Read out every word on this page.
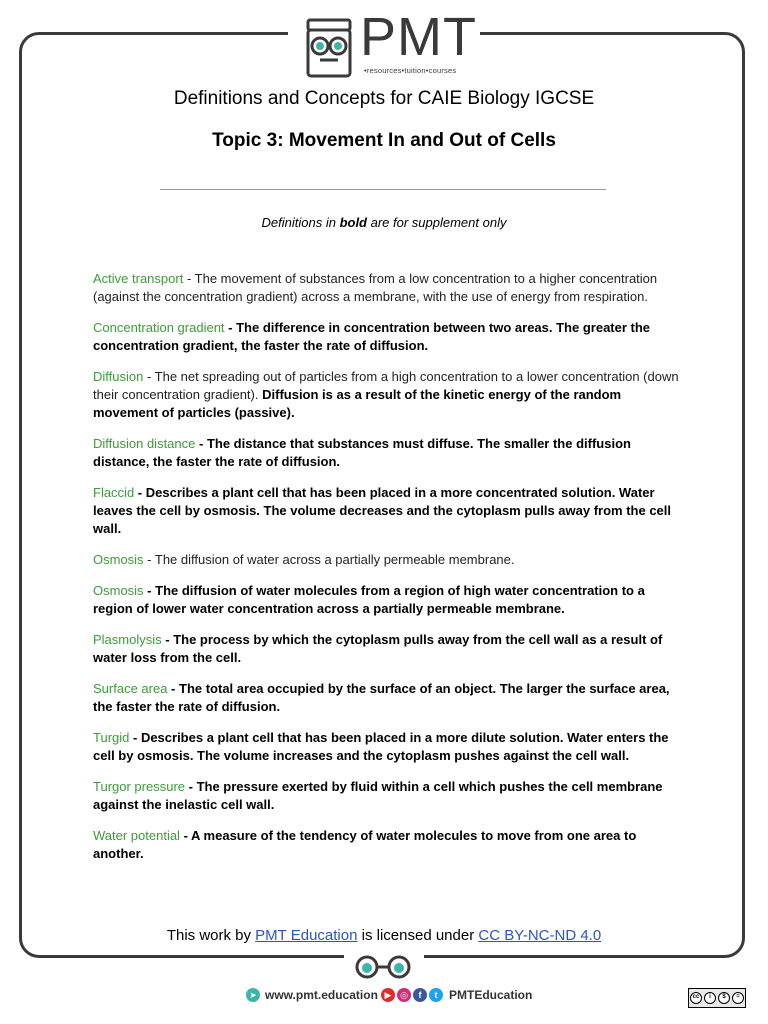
PMT
•resources•tuition•courses
Definitions and Concepts for CAIE Biology IGCSE
Topic 3: Movement In and Out of Cells
Definitions in bold are for supplement only

Active transport - The movement of substances from a low concentration to a higher concentration (against the concentration gradient) across a membrane, with the use of energy from respiration.

Concentration gradient - The difference in concentration between two areas. The greater the concentration gradient, the faster the rate of diffusion.

Diffusion - The net spreading out of particles from a high concentration to a lower concentration (down their concentration gradient). Diffusion is as a result of the kinetic energy of the random movement of particles (passive).

Diffusion distance - The distance that substances must diffuse. The smaller the diffusion distance, the faster the rate of diffusion.

Flaccid - Describes a plant cell that has been placed in a more concentrated solution. Water leaves the cell by osmosis. The volume decreases and the cytoplasm pulls away from the cell wall.

Osmosis - The diffusion of water across a partially permeable membrane.

Osmosis - The diffusion of water molecules from a region of high water concentration to a region of lower water concentration across a partially permeable membrane.

Plasmolysis - The process by which the cytoplasm pulls away from the cell wall as a result of water loss from the cell.

Surface area - The total area occupied by the surface of an object. The larger the surface area, the faster the rate of diffusion.

Turgid - Describes a plant cell that has been placed in a more dilute solution. Water enters the cell by osmosis. The volume increases and the cytoplasm pushes against the cell wall.

Turgor pressure - The pressure exerted by fluid within a cell which pushes the cell membrane against the inelastic cell wall.

Water potential - A measure of the tendency of water molecules to move from one area to another.

This work by PMT Education is licensed under CC BY-NC-ND 4.0
➤ www.pmt.education ▶ ◎	f	t PMTEducation	cc	i	$	=
